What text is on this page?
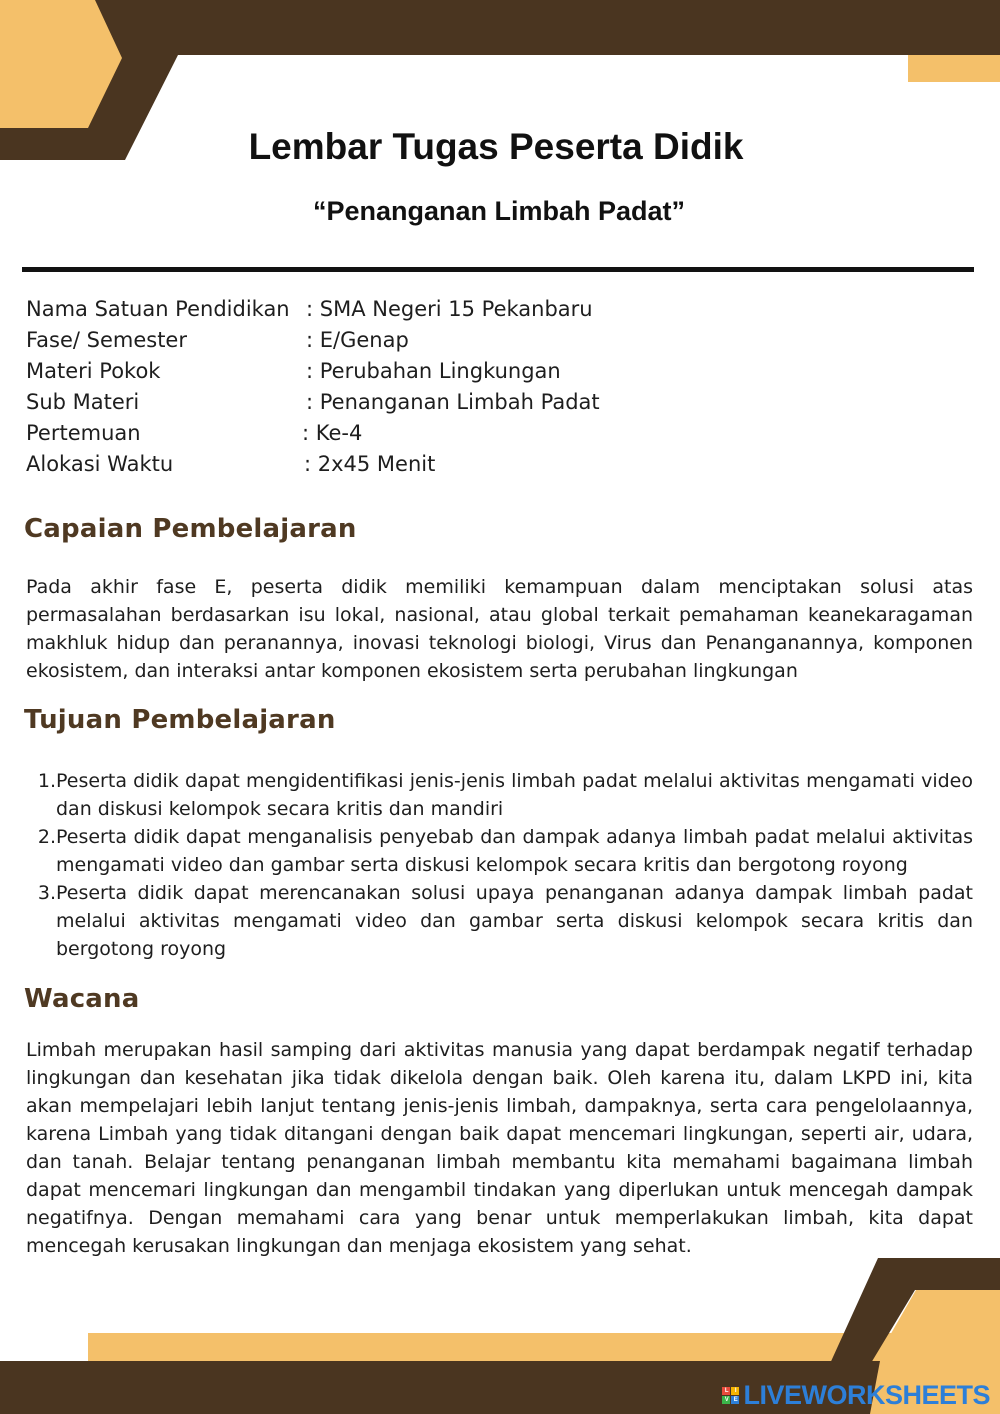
Lembar Tugas Peserta Didik
“Penanganan Limbah Padat”
Nama Satuan Pendidikan : SMA Negeri 15 Pekanbaru
Fase/ Semester	: E/Genap
Materi Pokok	: Perubahan Lingkungan
Sub Materi	: Penanganan Limbah Padat
Pertemuan	: Ke-4
Alokasi Waktu	: 2x45 Menit
Capaian Pembelajaran
Pada akhir fase E, peserta didik memiliki kemampuan dalam menciptakan solusi atas permasalahan berdasarkan isu lokal, nasional, atau global terkait pemahaman keanekaragaman makhluk hidup dan peranannya, inovasi teknologi biologi, Virus dan Penanganannya, komponen ekosistem, dan interaksi antar komponen ekosistem serta perubahan lingkungan
Tujuan Pembelajaran
1. Peserta didik dapat mengidentifikasi jenis-jenis limbah padat melalui aktivitas mengamati video dan diskusi kelompok secara kritis dan mandiri
2. Peserta didik dapat menganalisis penyebab dan dampak adanya limbah padat melalui aktivitas mengamati video dan gambar serta diskusi kelompok secara kritis dan bergotong royong
3. Peserta didik dapat merencanakan solusi upaya penanganan adanya dampak limbah padat melalui aktivitas mengamati video dan gambar serta diskusi kelompok secara kritis dan bergotong royong
Wacana
Limbah merupakan hasil samping dari aktivitas manusia yang dapat berdampak negatif terhadap lingkungan dan kesehatan jika tidak dikelola dengan baik. Oleh karena itu, dalam LKPD ini, kita akan mempelajari lebih lanjut tentang jenis-jenis limbah, dampaknya, serta cara pengelolaannya, karena Limbah yang tidak ditangani dengan baik dapat mencemari lingkungan, seperti air, udara, dan tanah. Belajar tentang penanganan limbah membantu kita memahami bagaimana limbah dapat mencemari lingkungan dan mengambil tindakan yang diperlukan untuk mencegah dampak negatifnya. Dengan memahami cara yang benar untuk memperlakukan limbah, kita dapat mencegah kerusakan lingkungan dan menjaga ekosistem yang sehat.
L	I
V E LIVEWORKSHEETS
